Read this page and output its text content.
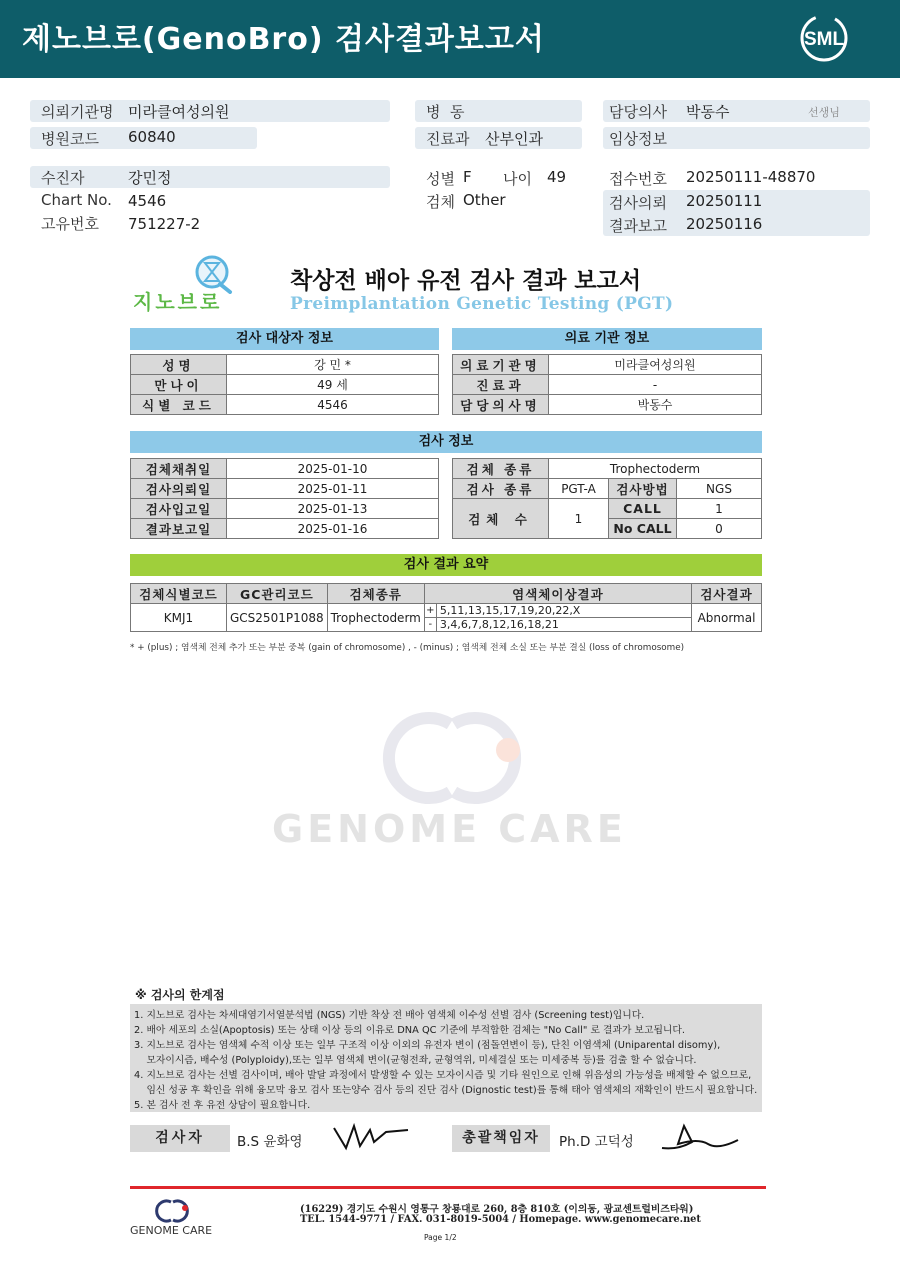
제노브로(GenoBro) 검사결과보고서	SML
의뢰기관명 미라클여성의원
병원코드 60840
병  동
진료과 산부인과
담당의사 박동수	선생님
임상정보
수진자	강민정
Chart No. 4546
고유번호 751227-2
성별 F 나이 49
검체 Other
접수번호 20250111-48870
검사의뢰 20250111
결과보고 20250116
지노브로
착상전 배아 유전 검사 결과 보고서
Preimplantation Genetic Testing (PGT)
검사 대상자 정보
성명	강 민 *
만나이	49 세
식별 코드	4546
의료 기관 정보
의료기관명	미라클여성의원
진료과	-
담당의사명	박동수
검사 정보
검체채취일	2025-01-10
검사의뢰일	2025-01-11
검사입고일	2025-01-13
결과보고일	2025-01-16
검체 종류	Trophectoderm		
검사 종류	PGT-A	검사방법	NGS
검체 수	1	CALL	1
		No CALL	0
검사 결과 요약
검체식별코드	GC관리코드	검체종류	염색체이상결과		검사결과
KMJ1	GCS2501P1088	Trophectoderm	+	5,11,13,15,17,19,20,22,X	Abnormal
			-	3,4,6,7,8,12,16,18,21	
* + (plus) ; 염색체 전체 추가 또는 부분 중복 (gain of chromosome) , - (minus) ; 염색체 전체 소실 또는 부분 결실 (loss of chromosome)
GENOME CARE
※ 검사의 한계점
1. 지노브로 검사는 차세대염기서열분석법 (NGS) 기반 착상 전 배아 염색체 이수성 선별 검사 (Screening test)입니다.
2. 배아 세포의 소실(Apoptosis) 또는 상태 이상 등의 이유로 DNA QC 기준에 부적합한 검체는 "No Call" 로 결과가 보고됩니다.
3. 지노브로 검사는 염색체 수적 이상 또는 일부 구조적 이상 이외의 유전자 변이 (점돌연변이 등), 단친 이염색체 (Uniparental disomy),
모자이시즘, 배수성 (Polyploidy),또는 일부 염색체 변이(균형전좌, 균형역위, 미세결실 또는 미세중복 등)를 검출 할 수 없습니다.
4. 지노브로 검사는 선별 검사이며, 배아 발달 과정에서 발생할 수 있는 모자이시즘 및 기타 원인으로 인해 위음성의 가능성을 배제할 수 없으므로,
임신 성공 후 확인을 위해 융모막 융모 검사 또는양수 검사 등의 진단 검사 (Dignostic test)를 통해 태아 염색체의 재확인이 반드시 필요합니다.
5. 본 검사 전 후 유전 상담이 필요합니다.
검사자	B.S 윤화영	총괄책임자	Ph.D 고덕성
GENOME CARE
(16229) 경기도 수원시 영통구 창룡대로 260, 8층 810호 (이의동, 광교센트럴비즈타워)
TEL. 1544-9771 / FAX. 031-8019-5004 / Homepage. www.genomecare.net
Page 1/2
